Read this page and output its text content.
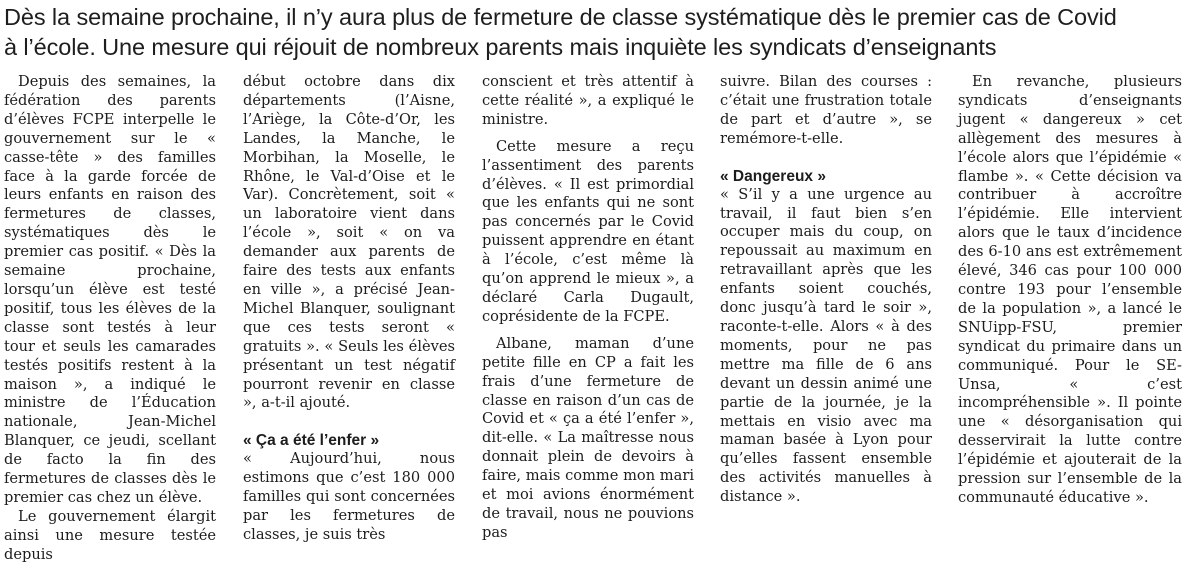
Dès la semaine prochaine, il n’y aura plus de fermeture de classe systématique dès le premier cas de Covid
à l’école. Une mesure qui réjouit de nombreux parents mais inquiète les syndicats d’enseignants

Depuis des semaines, la fédération des parents d’élèves FCPE interpelle le gouvernement sur le « casse-tête » des familles face à la garde forcée de leurs enfants en raison des fermetures de classes, systématiques dès le premier cas positif. « Dès la semaine prochaine, lorsqu’un élève est testé positif, tous les élèves de la classe sont testés à leur tour et seuls les camarades testés positifs restent à la maison », a indiqué le ministre de l’Éducation nationale, Jean-Michel Blanquer, ce jeudi, scellant de facto la fin des fermetures de classes dès le premier cas chez un élève.

Le gouvernement élargit ainsi une mesure testée depuis

début octobre dans dix départements (l’Aisne, l’Ariège, la Côte-d’Or, les Landes, la Manche, le Morbihan, la Moselle, le Rhône, le Val-d’Oise et le Var). Concrètement, soit « un laboratoire vient dans l’école », soit « on va demander aux parents de faire des tests aux enfants en ville », a précisé Jean-Michel Blanquer, soulignant que ces tests seront « gratuits ». « Seuls les élèves présentant un test négatif pourront revenir en classe », a-t-il ajouté.

« Ça a été l’enfer »

« Aujourd’hui, nous estimons que c’est 180 000 familles qui sont concernées par les fermetures de classes, je suis très

conscient et très attentif à cette réalité », a expliqué le ministre.

Cette mesure a reçu l’assentiment des parents d’élèves. « Il est primordial que les enfants qui ne sont pas concernés par le Covid puissent apprendre en étant à l’école, c’est même là qu’on apprend le mieux », a déclaré Carla Dugault, coprésidente de la FCPE.

Albane, maman d’une petite fille en CP a fait les frais d’une fermeture de classe en raison d’un cas de Covid et « ça a été l’enfer », dit-elle. « La maîtresse nous donnait plein de devoirs à faire, mais comme mon mari et moi avions énormément de travail, nous ne pouvions pas

suivre. Bilan des courses : c’était une frustration totale de part et d’autre », se remémore-t-elle.

« Dangereux »

« S’il y a une urgence au travail, il faut bien s’en occuper mais du coup, on repoussait au maximum en retravaillant après que les enfants soient couchés, donc jusqu’à tard le soir », raconte-t-elle. Alors « à des moments, pour ne pas mettre ma fille de 6 ans devant un dessin animé une partie de la journée, je la mettais en visio avec ma maman basée à Lyon pour qu’elles fassent ensemble des activités manuelles à distance ».

En revanche, plusieurs syndicats d’enseignants jugent « dangereux » cet allègement des mesures à l’école alors que l’épidémie « flambe ». « Cette décision va contribuer à accroître l’épidémie. Elle intervient alors que le taux d’incidence des 6-10 ans est extrêmement élevé, 346 cas pour 100 000 contre 193 pour l’ensemble de la population », a lancé le SNUipp-FSU, premier syndicat du primaire dans un communiqué. Pour le SE-Unsa, « c’est incompréhensible ». Il pointe une « désorganisation qui desservirait la lutte contre l’épidémie et ajouterait de la pression sur l’ensemble de la communauté éducative ».
